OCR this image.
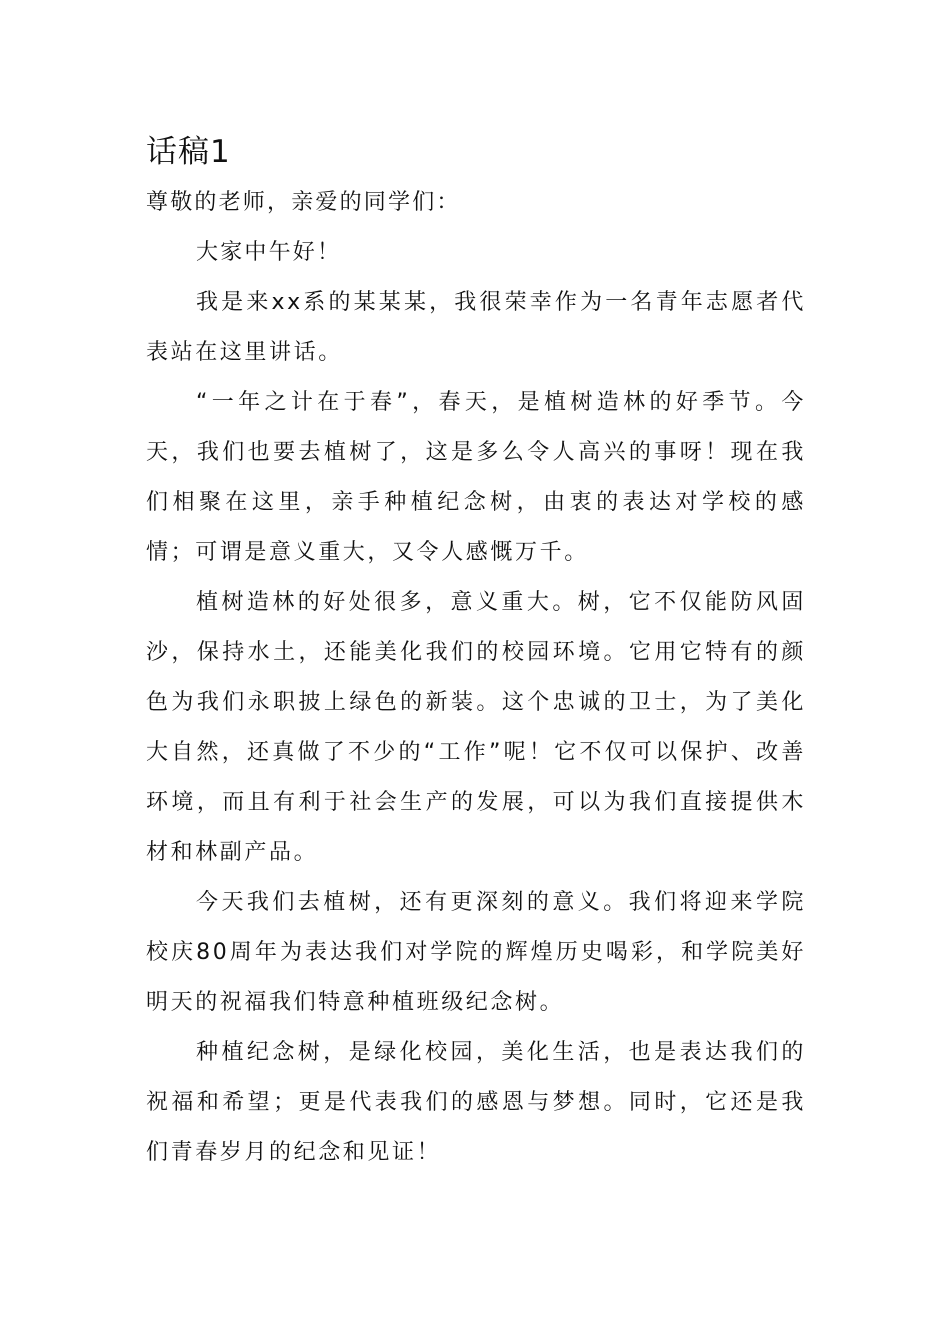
话稿1

尊敬的老师，亲爱的同学们：

大家中午好！

我是来xx系的某某某，我很荣幸作为一名青年志愿者代表站在这里讲话。

“一年之计在于春”，春天，是植树造林的好季节。今天，我们也要去植树了，这是多么令人高兴的事呀！现在我们相聚在这里，亲手种植纪念树，由衷的表达对学校的感情；可谓是意义重大，又令人感慨万千。

植树造林的好处很多，意义重大。树，它不仅能防风固沙，保持水土，还能美化我们的校园环境。它用它特有的颜色为我们永职披上绿色的新装。这个忠诚的卫士，为了美化大自然，还真做了不少的“工作”呢！它不仅可以保护、改善环境，而且有利于社会生产的发展，可以为我们直接提供木材和林副产品。

今天我们去植树，还有更深刻的意义。我们将迎来学院校庆80周年为表达我们对学院的辉煌历史喝彩，和学院美好明天的祝福我们特意种植班级纪念树。

种植纪念树，是绿化校园，美化生活，也是表达我们的祝福和希望；更是代表我们的感恩与梦想。同时，它还是我们青春岁月的纪念和见证！
